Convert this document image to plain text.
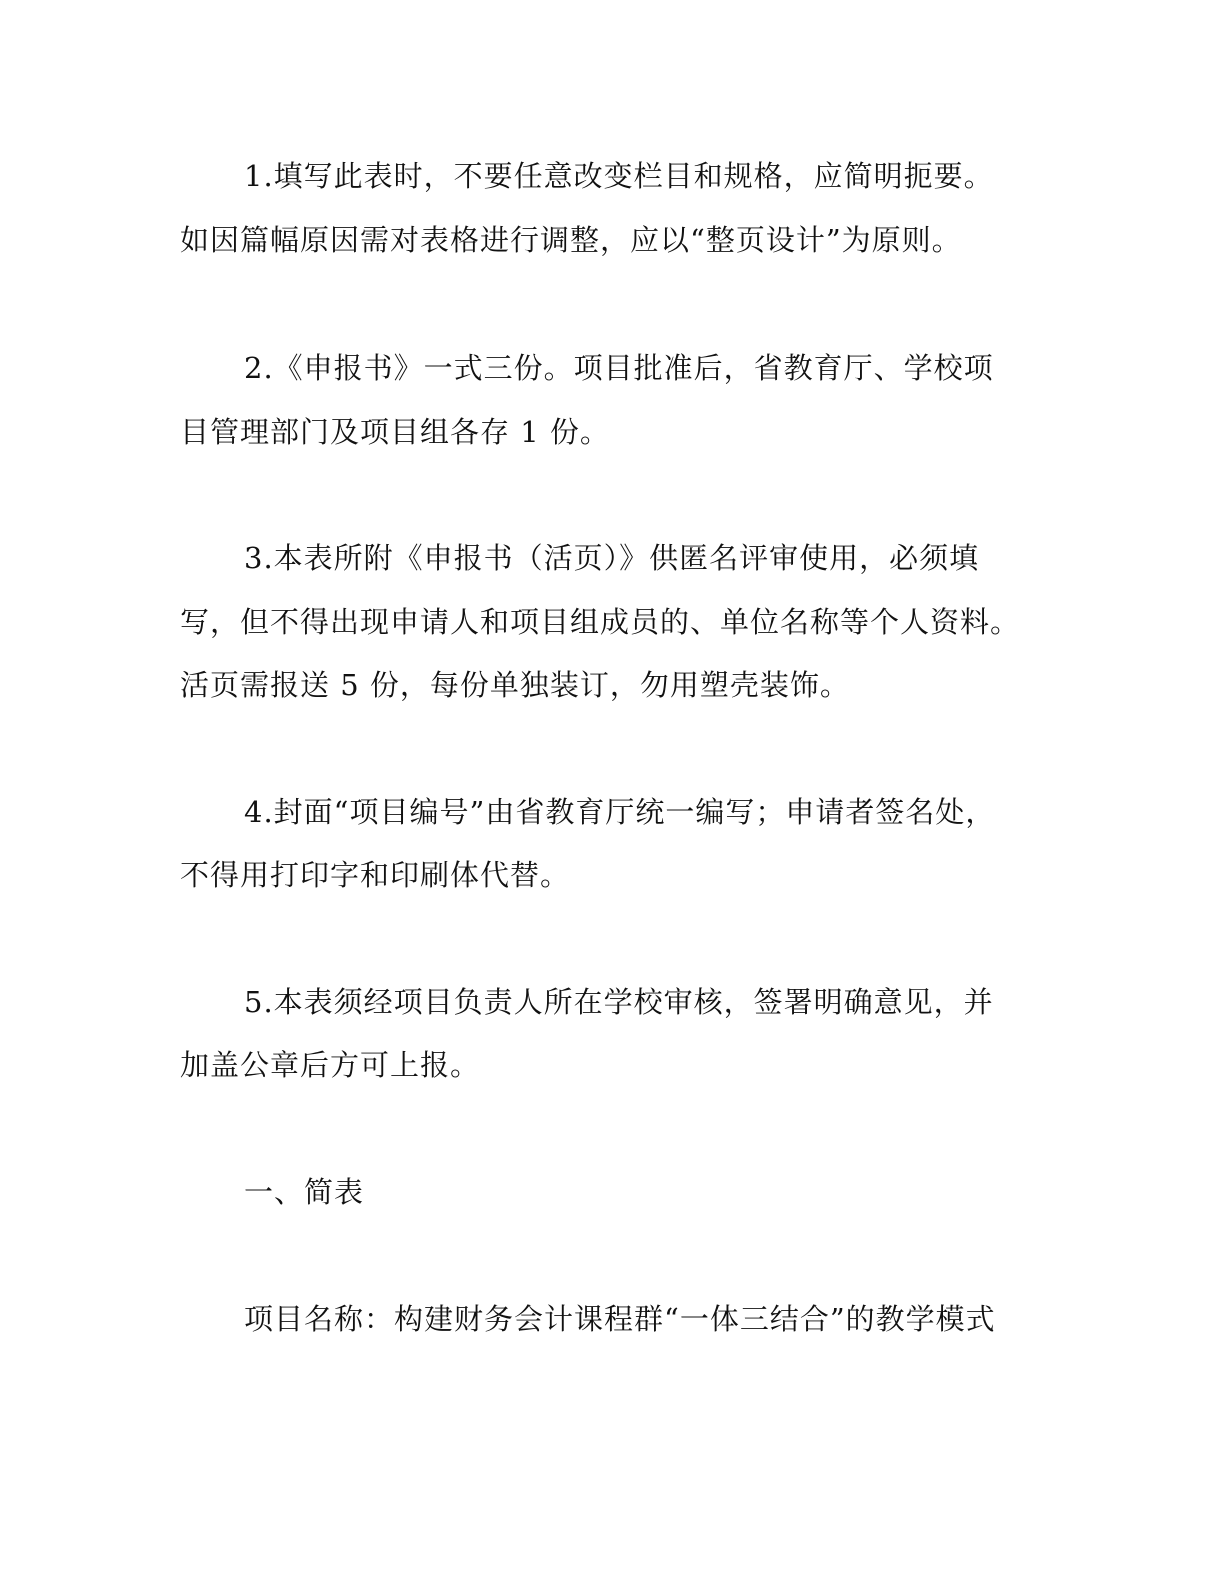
1.填写此表时，不要任意改变栏目和规格，应简明扼要。
如因篇幅原因需对表格进行调整，应以“整页设计”为原则。
2.《申报书》一式三份。项目批准后，省教育厅、学校项
目管理部门及项目组各存 1 份。
3.本表所附《申报书（活页）》供匿名评审使用，必须填
写，但不得出现申请人和项目组成员的、单位名称等个人资料。
活页需报送 5 份，每份单独装订，勿用塑壳装饰。
4.封面“项目编号”由省教育厅统一编写；申请者签名处，
不得用打印字和印刷体代替。
5.本表须经项目负责人所在学校审核，签署明确意见，并
加盖公章后方可上报。
一、简表
项目名称：构建财务会计课程群“一体三结合”的教学模式
